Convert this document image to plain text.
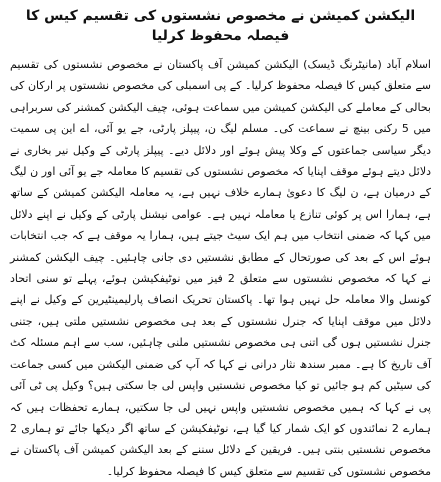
الیکشن کمیشن نے مخصوص نشستوں کی تقسیم کیس کا فیصلہ محفوظ کرلیا

اسلام آباد (مانیٹرنگ ڈیسک) الیکشن کمیشن آف پاکستان نے مخصوص نشستوں کی تقسیم سے متعلق کیس کا فیصلہ محفوظ کرلیا۔ کے پی اسمبلی کی مخصوص نشستوں پر ارکان کی بحالی کے معاملے کی الیکشن کمیشن میں سماعت ہوئی، چیف الیکشن کمشنر کی سربراہی میں 5 رکنی بینچ نے سماعت کی۔ مسلم لیگ ن، پیپلز پارٹی، جے یو آئی، اے این پی سمیت دیگر سیاسی جماعتوں کے وکلا پیش ہوئے اور دلائل دیے۔ پیپلز پارٹی کے وکیل نیر بخاری نے دلائل دیتے ہوئے موقف اپنایا کہ مخصوص نشستوں کی تقسیم کا معاملہ جے یو آئی اور ن لیگ کے درمیان ہے، ن لیگ کا دعویٰ ہمارے خلاف نہیں ہے، یہ معاملہ الیکشن کمیشن کے ساتھ ہے، ہمارا اس پر کوئی تنازع یا معاملہ نہیں ہے۔ عوامی نیشنل پارٹی کے وکیل نے اپنے دلائل میں کہا کہ ضمنی انتخاب میں ہم ایک سیٹ جیتے ہیں، ہمارا یہ موقف ہے کہ جب انتخابات ہوئے اس کے بعد کی صورتحال کے مطابق نشستیں دی جانی چاہئیں۔ چیف الیکشن کمشنر نے کہا کہ مخصوص نشستوں سے متعلق 2 فیز میں نوٹیفکیشن ہوئے، پہلے تو سنی اتحاد کونسل والا معاملہ حل نہیں ہوا تھا۔ پاکستان تحریک انصاف پارلیمینٹیرین کے وکیل نے اپنے دلائل میں موقف اپنایا کہ جنرل نشستوں کے بعد ہی مخصوص نشستیں ملتی ہیں، جتنی جنرل نشستیں ہوں گی اتنی ہی مخصوص نشستیں ملنی چاہئیں، سب سے اہم مسئلہ کٹ آف تاریخ کا ہے۔ ممبر سندھ نثار درانی نے کہا کہ آپ کی ضمنی الیکشن میں کسی جماعت کی سیٹیں کم ہو جائیں تو کیا مخصوص نشستیں واپس لی جا سکتی ہیں؟ وکیل پی ٹی آئی پی نے کہا کہ ہمیں مخصوص نشستیں واپس نہیں لی جا سکتیں، ہمارے تحفظات ہیں کہ ہمارے 2 نمائندوں کو ایک شمار کیا گیا ہے، نوٹیفکیشن کے ساتھ اگر دیکھا جائے تو ہماری 2 مخصوص نشستیں بنتی ہیں۔ فریقین کے دلائل سننے کے بعد الیکشن کمیشن آف پاکستان نے مخصوص نشستوں کی تقسیم سے متعلق کیس کا فیصلہ محفوظ کرلیا۔
